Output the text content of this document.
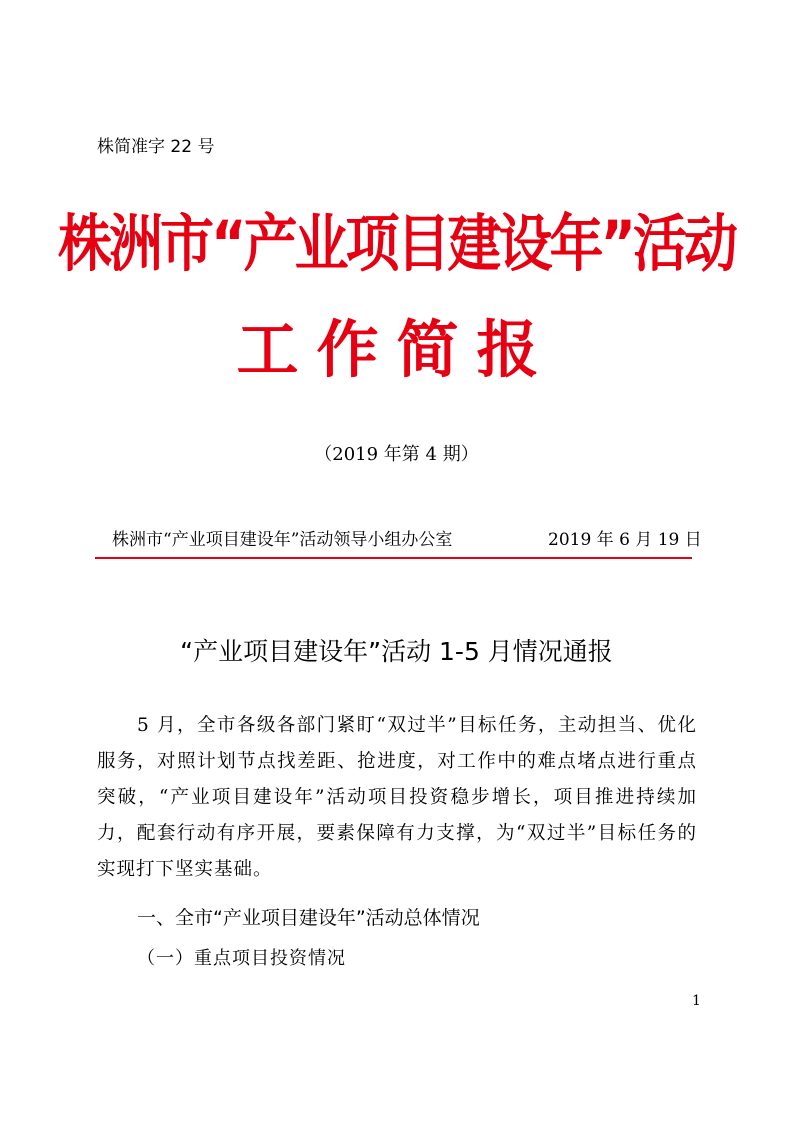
株简准字 22 号
株洲市“产业项目建设年”活动
工作简报
（2019 年第 4 期）
株洲市“产业项目建设年”活动领导小组办公室	2019 年 6 月 19 日
“产业项目建设年”活动 1-5 月情况通报
5 月，全市各级各部门紧盯“双过半”目标任务，主动担当、优化服务，对照计划节点找差距、抢进度，对工作中的难点堵点进行重点突破，“产业项目建设年”活动项目投资稳步增长，项目推进持续加力，配套行动有序开展，要素保障有力支撑，为“双过半”目标任务的实现打下坚实基础。
一、全市“产业项目建设年”活动总体情况
（一）重点项目投资情况
1
